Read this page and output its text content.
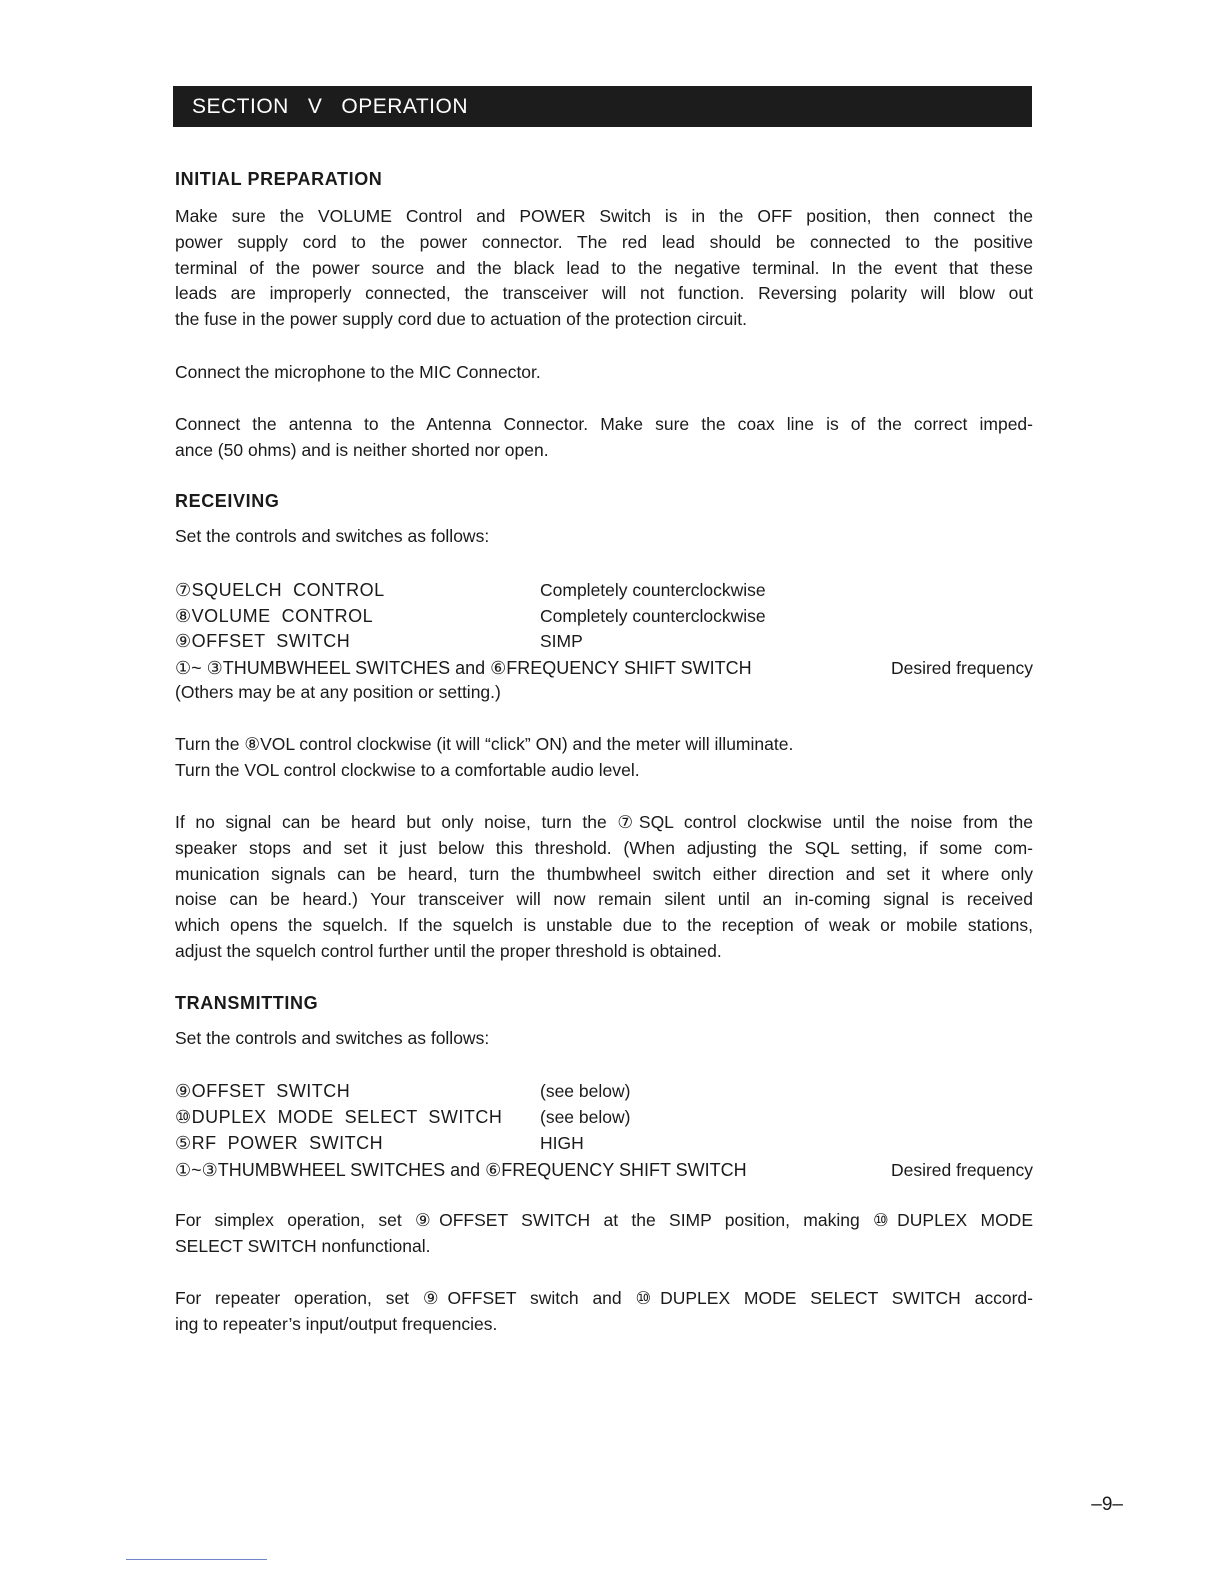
SECTION   V   OPERATION
INITIAL PREPARATION
Make sure the VOLUME Control and POWER Switch is in the OFF position, then connect the
power supply cord to the power connector. The red lead should be connected to the positive
terminal of the power source and the black lead to the negative terminal. In the event that these
leads are improperly connected, the transceiver will not function. Reversing polarity will blow out
the fuse in the power supply cord due to actuation of the protection circuit.
Connect the microphone to the MIC Connector.
Connect the antenna to the Antenna Connector. Make sure the coax line is of the correct imped-
ance (50 ohms) and is neither shorted nor open.
RECEIVING
Set the controls and switches as follows:
⑦SQUELCH  CONTROL	Completely counterclockwise
⑧VOLUME  CONTROL	Completely counterclockwise
⑨OFFSET  SWITCH	SIMP
①~ ③THUMBWHEEL SWITCHES and ⑥FREQUENCY SHIFT SWITCH	Desired frequency
(Others may be at any position or setting.)
Turn the ⑧VOL control clockwise (it will “click” ON) and the meter will illuminate.
Turn the VOL control clockwise to a comfortable audio level.
If no signal can be heard but only noise, turn the ⑦SQL control clockwise until the noise from the
speaker stops and set it just below this threshold. (When adjusting the SQL setting, if some com-
munication signals can be heard, turn the thumbwheel switch either direction and set it where only
noise can be heard.) Your transceiver will now remain silent until an in-coming signal is received
which opens the squelch. If the squelch is unstable due to the reception of weak or mobile stations,
adjust the squelch control further until the proper threshold is obtained.
TRANSMITTING
Set the controls and switches as follows:
⑨OFFSET  SWITCH	(see below)
⑩DUPLEX  MODE  SELECT  SWITCH (see below)
⑤RF  POWER  SWITCH	HIGH
①~③THUMBWHEEL SWITCHES and ⑥FREQUENCY SHIFT SWITCH	Desired frequency
For simplex operation, set ⑨OFFSET SWITCH at the SIMP position, making ⑩DUPLEX MODE
SELECT SWITCH nonfunctional.
For repeater operation, set ⑨OFFSET switch and ⑩DUPLEX MODE SELECT SWITCH accord-
ing to repeater’s input/output frequencies.
–9–
